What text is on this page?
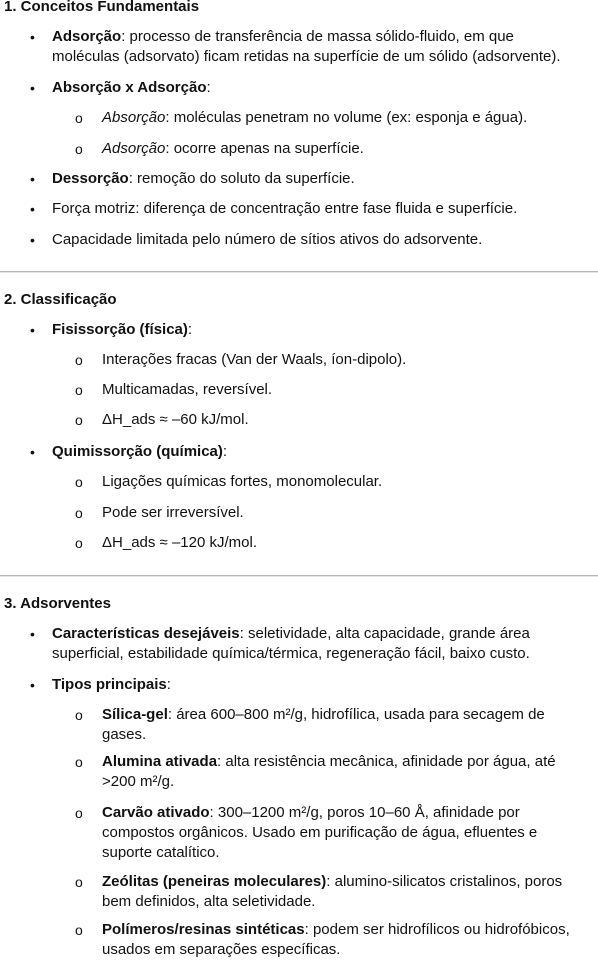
1. Conceitos Fundamentais
• Adsorção: processo de transferência de massa sólido-fluido, em que moléculas (adsorvato) ficam retidas na superfície de um sólido (adsorvente).
• Absorção x Adsorção:
o Absorção: moléculas penetram no volume (ex: esponja e água).
o Adsorção: ocorre apenas na superfície.
• Dessorção: remoção do soluto da superfície.
• Força motriz: diferença de concentração entre fase fluida e superfície.
• Capacidade limitada pelo número de sítios ativos do adsorvente.
2. Classificação
• Fisissorção (física):
o Interações fracas (Van der Waals, íon-dipolo).
o Multicamadas, reversível.
o ΔH_ads ≈ –60 kJ/mol.
• Quimissorção (química):
o Ligações químicas fortes, monomolecular.
o Pode ser irreversível.
o ΔH_ads ≈ –120 kJ/mol.
3. Adsorventes
• Características desejáveis: seletividade, alta capacidade, grande área superficial, estabilidade química/térmica, regeneração fácil, baixo custo.
• Tipos principais:
o Sílica-gel: área 600–800 m²/g, hidrofílica, usada para secagem de gases.
o Alumina ativada: alta resistência mecânica, afinidade por água, até >200 m²/g.
o Carvão ativado: 300–1200 m²/g, poros 10–60 Å, afinidade por compostos orgânicos. Usado em purificação de água, efluentes e suporte catalítico.
o Zeólitas (peneiras moleculares): alumino-silicatos cristalinos, poros bem definidos, alta seletividade.
o Polímeros/resinas sintéticas: podem ser hidrofílicos ou hidrofóbicos, usados em separações específicas.
